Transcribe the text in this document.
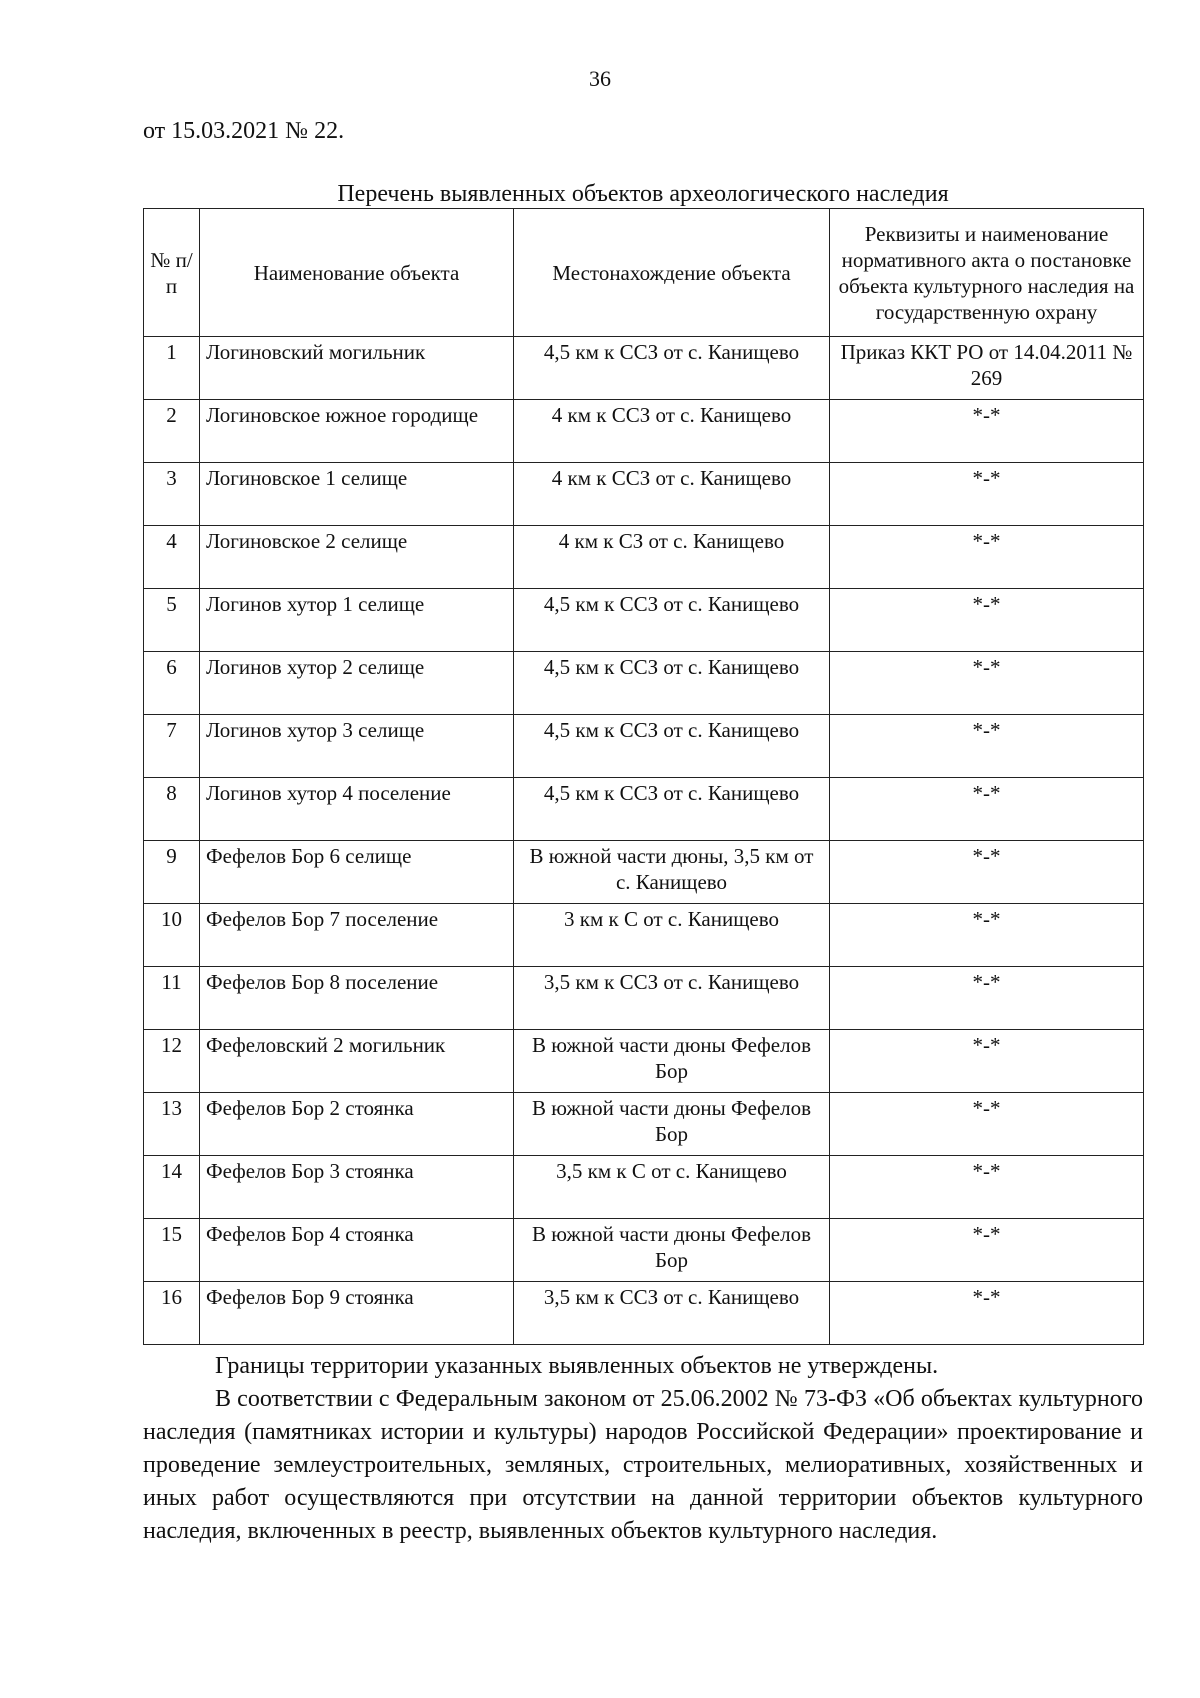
36
от 15.03.2021 № 22.
Перечень выявленных объектов археологического наследия
№ п/п	Наименование объекта	Местонахождение объекта	Реквизиты и наименование нормативного акта о постановке объекта культурного наследия на государственную охрану
1	Логиновский могильник	4,5 км к ССЗ от с. Канищево	Приказ ККТ РО от 14.04.2011 № 269
2	Логиновское южное городище	4 км к ССЗ от с. Канищево	*-*
3	Логиновское 1 селище	4 км к ССЗ от с. Канищево	*-*
4	Логиновское 2 селище	4 км к СЗ от с. Канищево	*-*
5	Логинов хутор 1 селище	4,5 км к ССЗ от с. Канищево	*-*
6	Логинов хутор 2 селище	4,5 км к ССЗ от с. Канищево	*-*
7	Логинов хутор 3 селище	4,5 км к ССЗ от с. Канищево	*-*
8	Логинов хутор 4 поселение	4,5 км к ССЗ от с. Канищево	*-*
9	Фефелов Бор 6 селище	В южной части дюны, 3,5 км от с. Канищево	*-*
10	Фефелов Бор 7 поселение	3 км к С от с. Канищево	*-*
11	Фефелов Бор 8 поселение	3,5 км к ССЗ от с. Канищево	*-*
12	Фефеловский 2 могильник	В южной части дюны Фефелов Бор	*-*
13	Фефелов Бор 2 стоянка	В южной части дюны Фефелов Бор	*-*
14	Фефелов Бор 3 стоянка	3,5 км к С от с. Канищево	*-*
15	Фефелов Бор 4 стоянка	В южной части дюны Фефелов Бор	*-*
16	Фефелов Бор 9 стоянка	3,5 км к ССЗ от с. Канищево	*-*

Границы территории указанных выявленных объектов не утверждены.

В соответствии с Федеральным законом от 25.06.2002 № 73-ФЗ «Об объектах культурного наследия (памятниках истории и культуры) народов Российской Федерации» проектирование и проведение землеустроительных, земляных, строительных, мелиоративных, хозяйственных и иных работ осуществляются при отсутствии на данной территории объектов культурного наследия, включенных в реестр, выявленных объектов культурного наследия.
